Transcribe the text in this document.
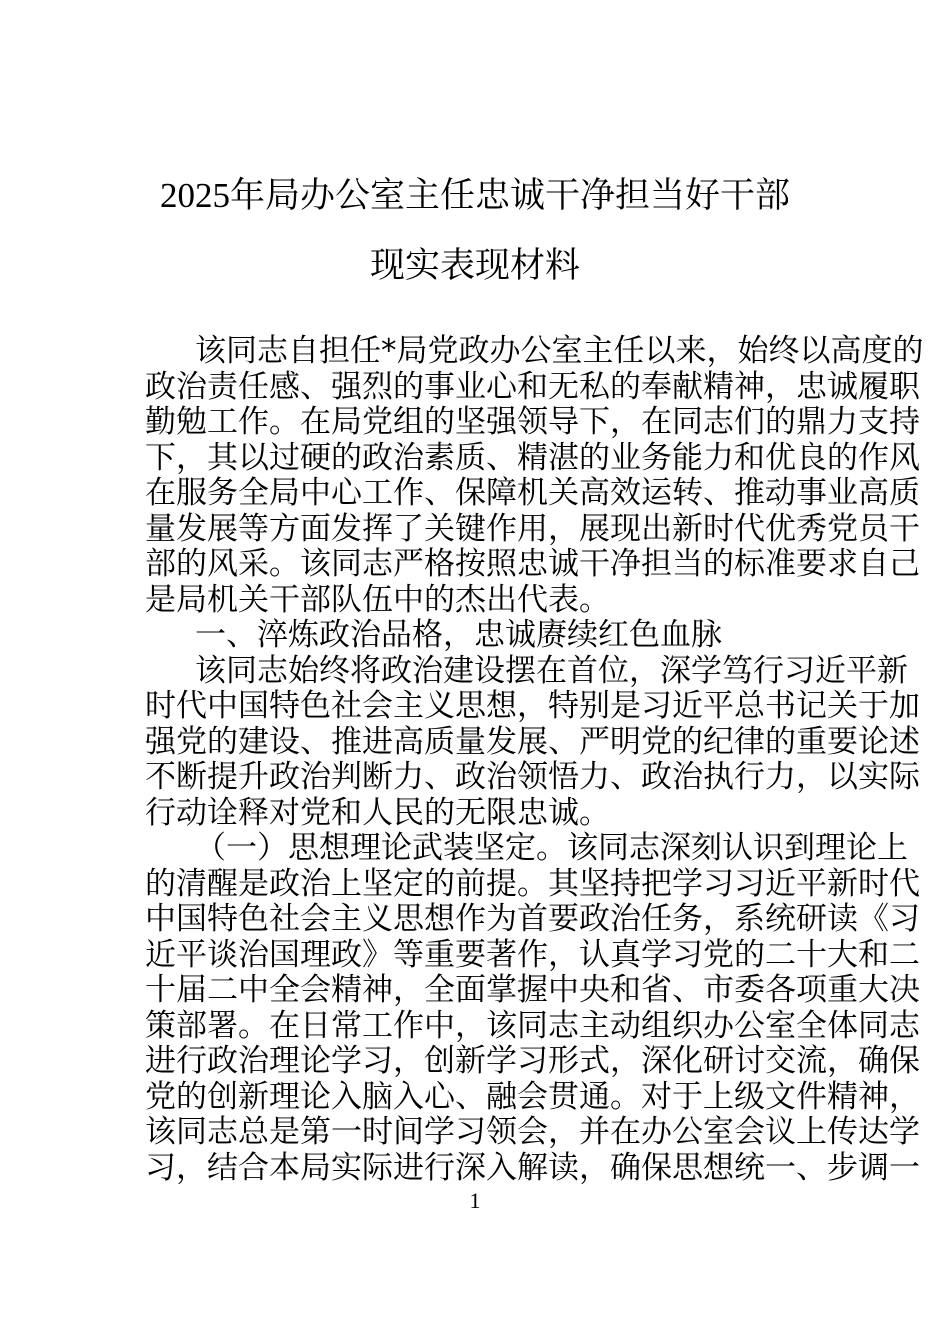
2025年局办公室主任忠诚干净担当好干部
现实表现材料
该同志自担任*局党政办公室主任以来，始终以高度的
政治责任感、强烈的事业心和无私的奉献精神，忠诚履职
勤勉工作。在局党组的坚强领导下，在同志们的鼎力支持
下，其以过硬的政治素质、精湛的业务能力和优良的作风
在服务全局中心工作、保障机关高效运转、推动事业高质
量发展等方面发挥了关键作用，展现出新时代优秀党员干
部的风采。该同志严格按照忠诚干净担当的标准要求自己
是局机关干部队伍中的杰出代表。
一、淬炼政治品格，忠诚赓续红色血脉
该同志始终将政治建设摆在首位，深学笃行习近平新
时代中国特色社会主义思想，特别是习近平总书记关于加
强党的建设、推进高质量发展、严明党的纪律的重要论述
不断提升政治判断力、政治领悟力、政治执行力，以实际
行动诠释对党和人民的无限忠诚。
（一）思想理论武装坚定。该同志深刻认识到理论上
的清醒是政治上坚定的前提。其坚持把学习习近平新时代
中国特色社会主义思想作为首要政治任务，系统研读《习
近平谈治国理政》等重要著作，认真学习党的二十大和二
十届二中全会精神，全面掌握中央和省、市委各项重大决
策部署。在日常工作中，该同志主动组织办公室全体同志
进行政治理论学习，创新学习形式，深化研讨交流，确保
党的创新理论入脑入心、融会贯通。对于上级文件精神，
该同志总是第一时间学习领会，并在办公室会议上传达学
习，结合本局实际进行深入解读，确保思想统一、步调一
1
